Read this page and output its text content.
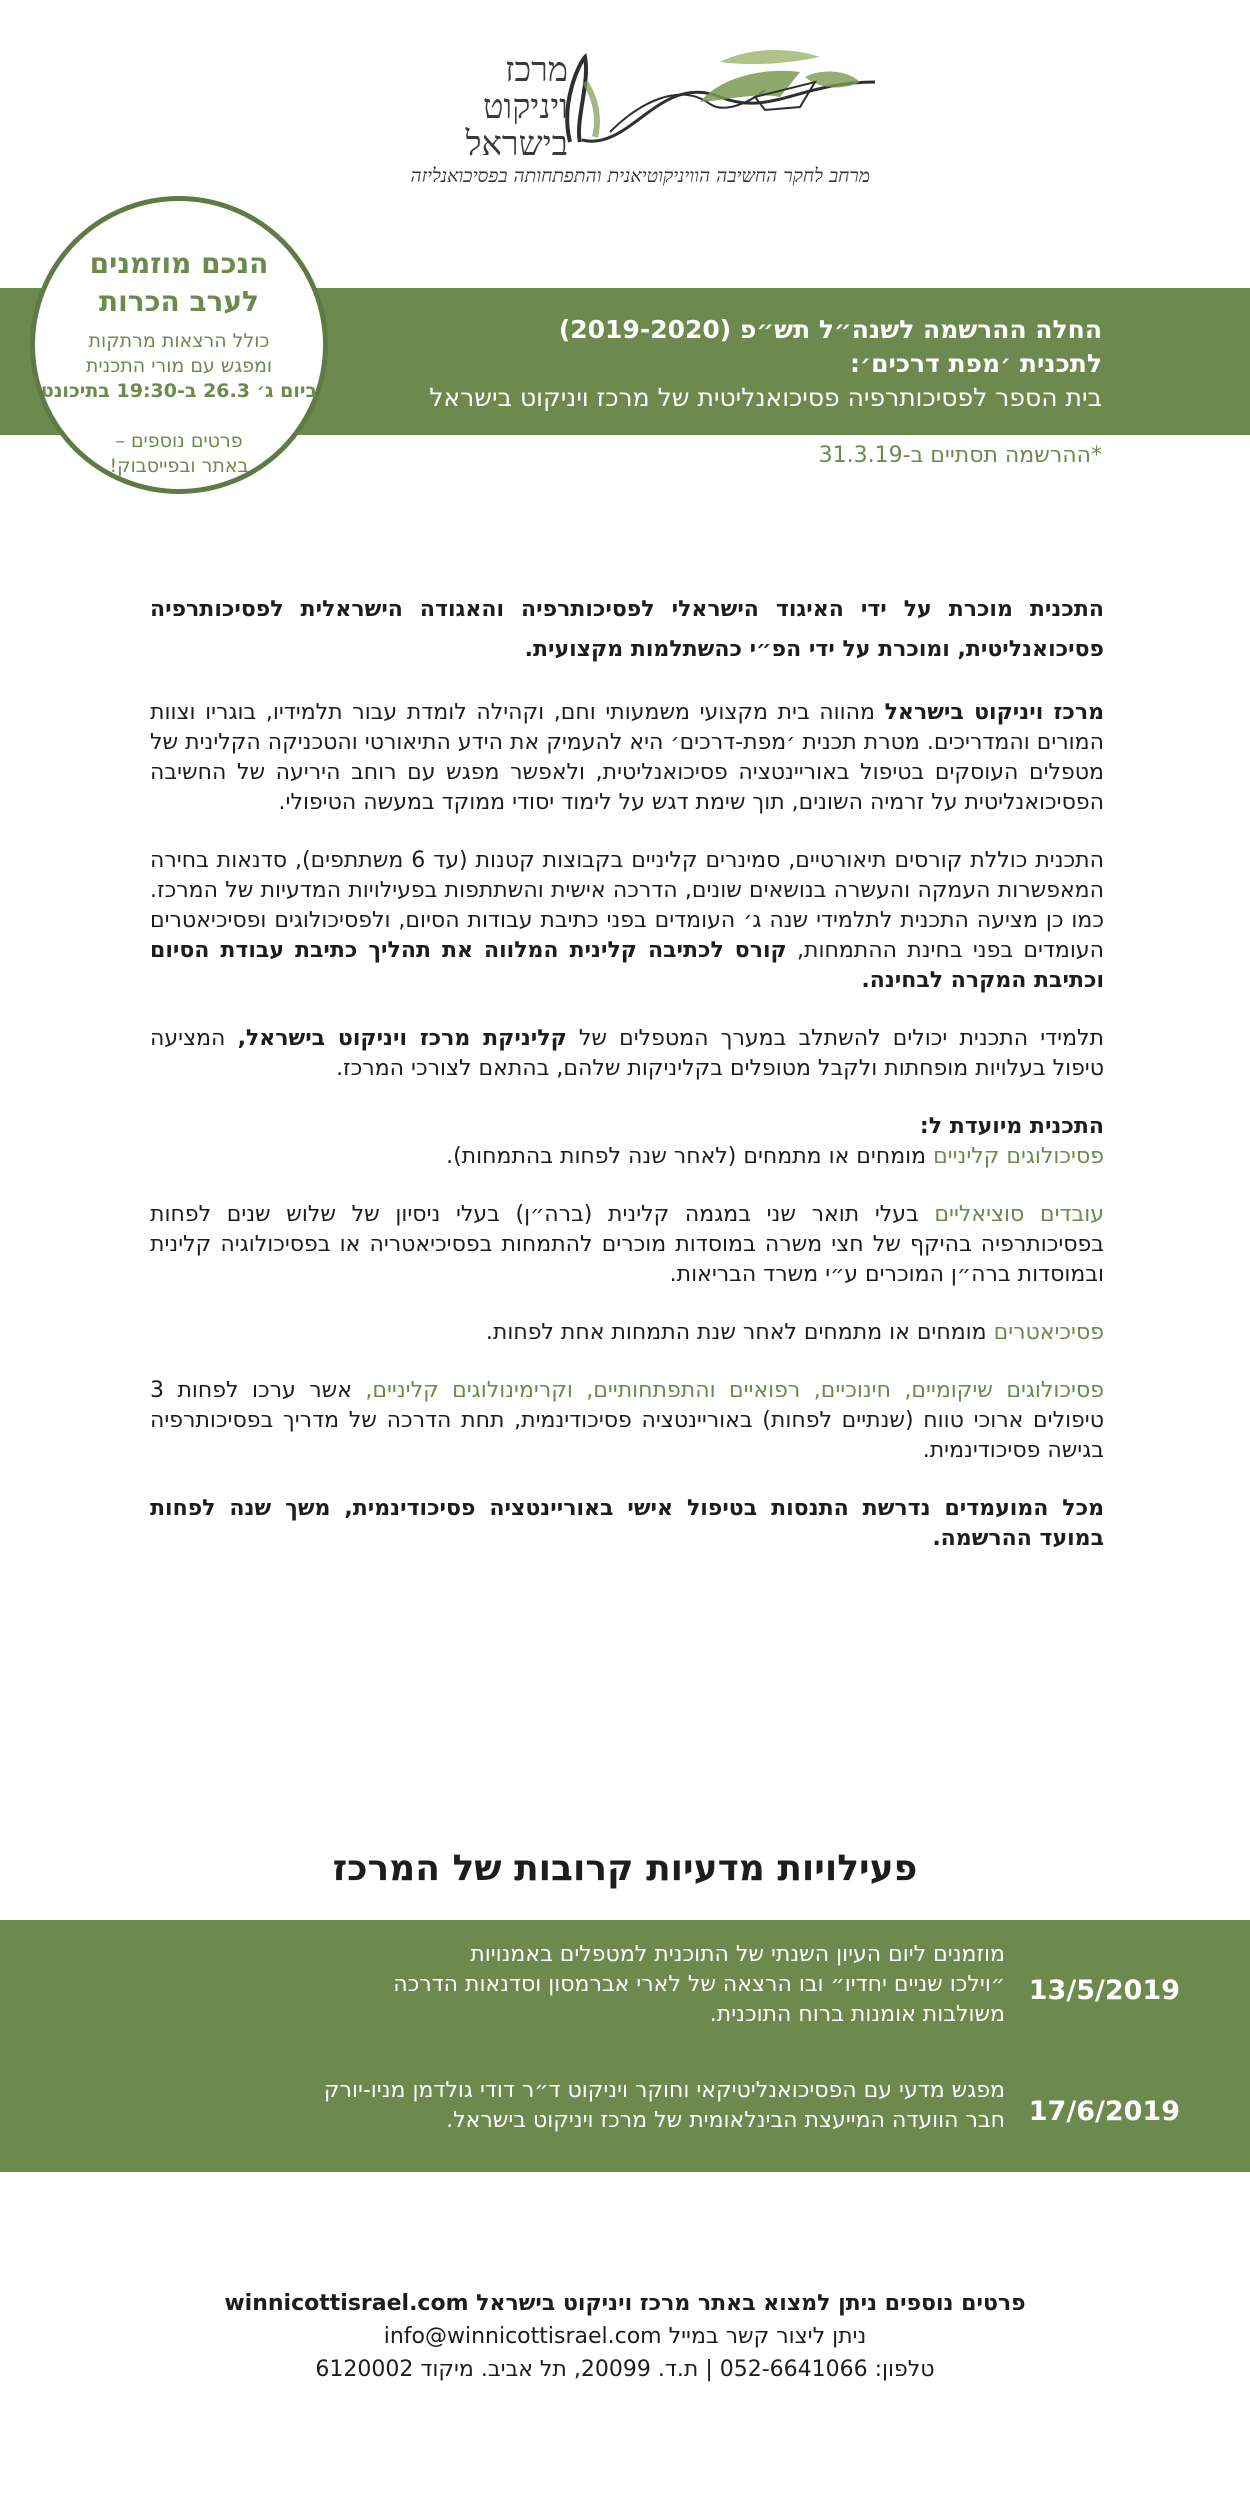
מרכז
ויניקוט
בישראל
מרחב לחקר החשיבה הוויניקוטיאנית והתפתחותה בפסיכואנליזה
החלה ההרשמה לשנה״ל תש״פ (2019-2020)
לתכנית ׳מפת דרכים׳:
בית הספר לפסיכותרפיה פסיכואנליטית של מרכז ויניקוט בישראל
*ההרשמה תסתיים ב-31.3.19
הנכם מוזמנים
לערב הכרות
כולל הרצאות מרתקות
ומפגש עם מורי התכנית
ביום ג׳ 26.3 ב-19:30 בתיכונט
פרטים נוספים –
באתר ובפייסבוק!

התכנית מוכרת על ידי האיגוד הישראלי לפסיכותרפיה והאגודה הישראלית לפסיכותרפיה פסיכואנליטית, ומוכרת על ידי הפ״י כהשתלמות מקצועית.

מרכז ויניקוט בישראל מהווה בית מקצועי משמעותי וחם, וקהילה לומדת עבור תלמידיו, בוגריו וצוות המורים והמדריכים. מטרת תכנית ׳מפת-דרכים׳ היא להעמיק את הידע התיאורטי והטכניקה הקלינית של מטפלים העוסקים בטיפול באוריינטציה פסיכואנליטית, ולאפשר מפגש עם רוחב היריעה של החשיבה הפסיכואנליטית על זרמיה השונים, תוך שימת דגש על לימוד יסודי ממוקד במעשה הטיפולי.

התכנית כוללת קורסים תיאורטיים, סמינרים קליניים בקבוצות קטנות (עד 6 משתתפים), סדנאות בחירה המאפשרות העמקה והעשרה בנושאים שונים, הדרכה אישית והשתתפות בפעילויות המדעיות של המרכז. כמו כן מציעה התכנית לתלמידי שנה ג׳ העומדים בפני כתיבת עבודות הסיום, ולפסיכולוגים ופסיכיאטרים העומדים בפני בחינת ההתמחות, קורס לכתיבה קלינית המלווה את תהליך כתיבת עבודת הסיום וכתיבת המקרה לבחינה.

תלמידי התכנית יכולים להשתלב במערך המטפלים של קליניקת מרכז ויניקוט בישראל, המציעה טיפול בעלויות מופחתות ולקבל מטופלים בקליניקות שלהם, בהתאם לצורכי המרכז.

התכנית מיועדת ל:

פסיכולוגים קליניים מומחים או מתמחים (לאחר שנה לפחות בהתמחות).

עובדים סוציאליים בעלי תואר שני במגמה קלינית (ברה״ן) בעלי ניסיון של שלוש שנים לפחות בפסיכותרפיה בהיקף של חצי משרה במוסדות מוכרים להתמחות בפסיכיאטריה או בפסיכולוגיה קלינית ובמוסדות ברה״ן המוכרים ע״י משרד הבריאות.

פסיכיאטרים מומחים או מתמחים לאחר שנת התמחות אחת לפחות.

פסיכולוגים שיקומיים, חינוכיים, רפואיים והתפתחותיים, וקרימינולוגים קליניים, אשר ערכו לפחות 3 טיפולים ארוכי טווח (שנתיים לפחות) באוריינטציה פסיכודינמית, תחת הדרכה של מדריך בפסיכותרפיה בגישה פסיכודינמית.

מכל המועמדים נדרשת התנסות בטיפול אישי באוריינטציה פסיכודינמית, משך שנה לפחות במועד ההרשמה.

פעילויות מדעיות קרובות של המרכז
13/5/2019
מוזמנים ליום העיון השנתי של התוכנית למטפלים באמנויות
״וילכו שניים יחדיו״ ובו הרצאה של לארי אברמסון וסדנאות הדרכה
משולבות אומנות ברוח התוכנית.
17/6/2019
מפגש מדעי עם הפסיכואנליטיקאי וחוקר ויניקוט ד״ר דודי גולדמן מניו-יורק
חבר הוועדה המייעצת הבינלאומית של מרכז ויניקוט בישראל.
פרטים נוספים ניתן למצוא באתר מרכז ויניקוט בישראל winnicottisrael.com
ניתן ליצור קשר במייל info@winnicottisrael.com
טלפון: 052-6641066 | ת.ד. 20099, תל אביב. מיקוד 6120002
